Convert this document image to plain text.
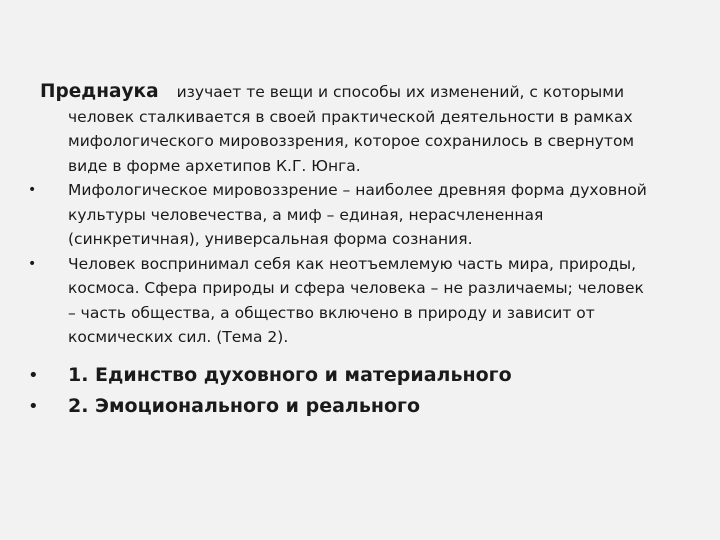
Преднаука изучает те вещи и способы их изменений, с которыми
человек сталкивается в своей практической деятельности в рамках
мифологического мировоззрения, которое сохранилось в свернутом
виде в форме архетипов К.Г. Юнга.
•	Мифологическое мировоззрение – наиболее древняя форма духовной
культуры человечества, а миф – единая, нерасчлененная
(синкретичная), универсальная форма сознания.
•	Человек воспринимал себя как неотъемлемую часть мира, природы,
космоса. Сфера природы и сфера человека – не различаемы; человек
– часть общества, а общество включено в природу и зависит от
космических сил. (Тема 2).
•	1. Единство духовного и материального
•	2. Эмоционального и реального
